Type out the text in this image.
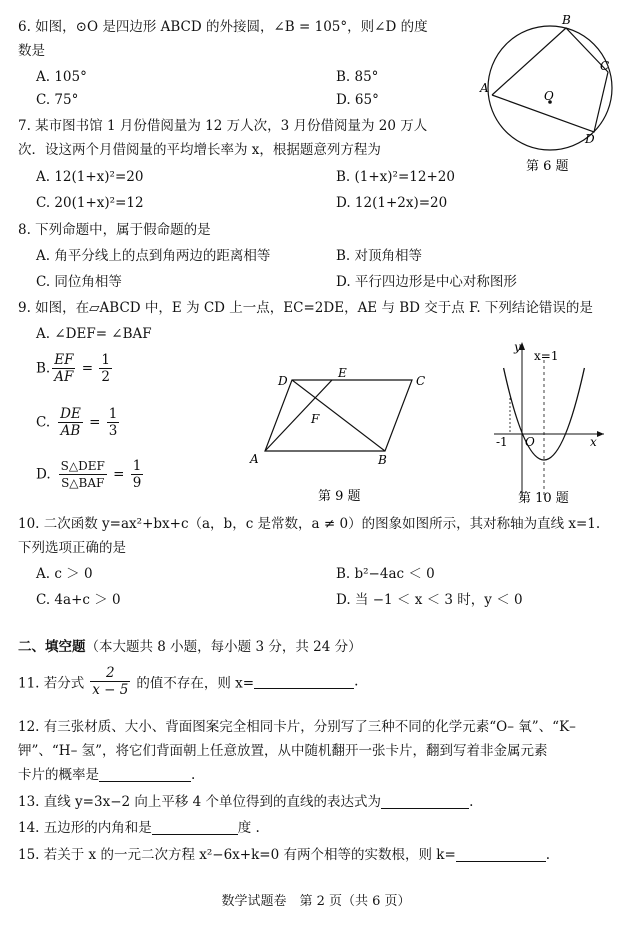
6. 如图，⊙O 是四边形 ABCD 的外接圆，∠B = 105°，则∠D 的度
数是
A. 105°	B. 85°
C. 75°	D. 65°
A
B
C
D
O
第 6 题
7. 某市图书馆 1 月份借阅量为 12 万人次，3 月份借阅量为 20 万人
次．设这两个月借阅量的平均增长率为 x，根据题意列方程为
A. 12(1+x)²=20	B. (1+x)²=12+20
C. 20(1+x)²=12	D. 12(1+2x)=20
8. 下列命题中，属于假命题的是
A. 角平分线上的点到角两边的距离相等	B. 对顶角相等
C. 同位角相等	D. 平行四边形是中心对称图形
9. 如图，在▱ABCD 中，E 为 CD 上一点，EC=2DE，AE 与 BD 交于点 F. 下列结论错误的是
A. ∠DEF= ∠BAF
B. $\frac{EF}{AF} = \frac{1}{2}$
C. $\frac{DE}{AB} = \frac{1}{3}$
D. $\frac{\text{S△DEF}}{\text{S△BAF}} = \frac{1}{9}$
D
E
C
F
A	B
第 9 题
y
x
x=1
-1 O
第 10 题
10. 二次函数 y=ax²+bx+c（a，b，c 是常数，a ≠ 0）的图象如图所示，其对称轴为直线 x=1.
下列选项正确的是
A. c ＞ 0	B. b²−4ac ＜ 0
C. 4a+c ＞ 0	D. 当 −1 ＜ x ＜ 3 时，y ＜ 0
二、填空题（本大题共 8 小题，每小题 3 分，共 24 分）
11. 若分式 $\frac{2}{x - 5}$ 的值不存在，则 x=	.
12. 有三张材质、大小、背面图案完全相同卡片，分别写了三种不同的化学元素“O– 氧”、“K–
钾”、“H– 氢”，将它们背面朝上任意放置，从中随机翻开一张卡片，翻到写着非金属元素
卡片的概率是	.
13. 直线 y=3x−2 向上平移 4 个单位得到的直线的表达式为	.
14. 五边形的内角和是	度 .
15. 若关于 x 的一元二次方程 x²−6x+k=0 有两个相等的实数根，则 k=	.
数学试题卷　第 2 页（共 6 页）
